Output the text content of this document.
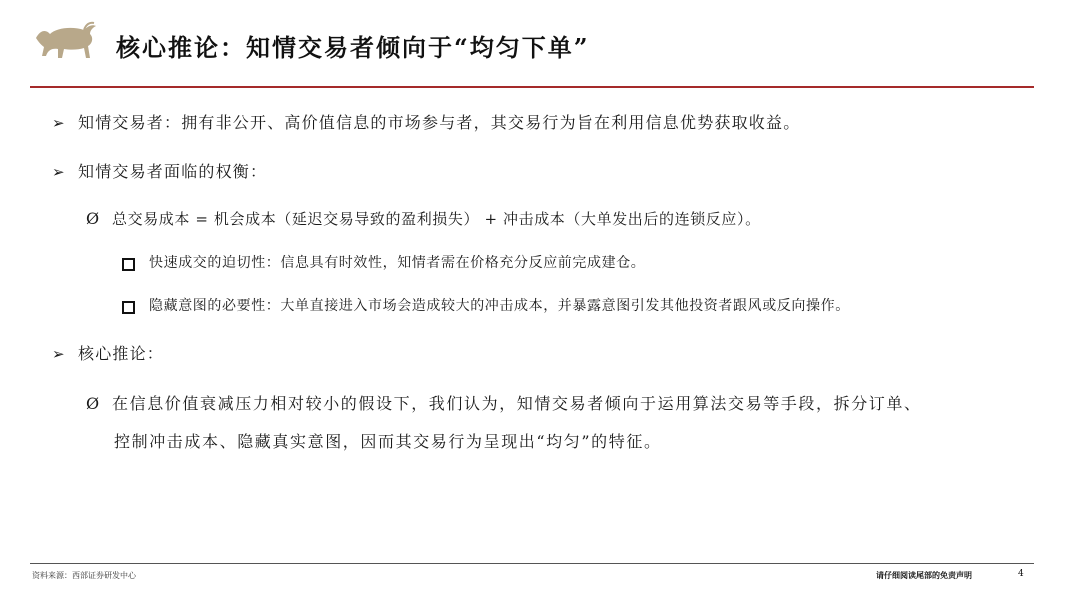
核心推论：知情交易者倾向于“均匀下单”
➢ 知情交易者：拥有非公开、高价值信息的市场参与者，其交易行为旨在利用信息优势获取收益。
➢ 知情交易者面临的权衡：
Ø 总交易成本 = 机会成本（延迟交易导致的盈利损失） + 冲击成本（大单发出后的连锁反应）。
快速成交的迫切性：信息具有时效性，知情者需在价格充分反应前完成建仓。
隐藏意图的必要性：大单直接进入市场会造成较大的冲击成本，并暴露意图引发其他投资者跟风或反向操作。
➢ 核心推论：
Ø 在信息价值衰减压力相对较小的假设下，我们认为，知情交易者倾向于运用算法交易等手段，拆分订单、
控制冲击成本、隐藏真实意图，因而其交易行为呈现出“均匀”的特征。
资料来源：西部证券研发中心	请仔细阅读尾部的免责声明	4
